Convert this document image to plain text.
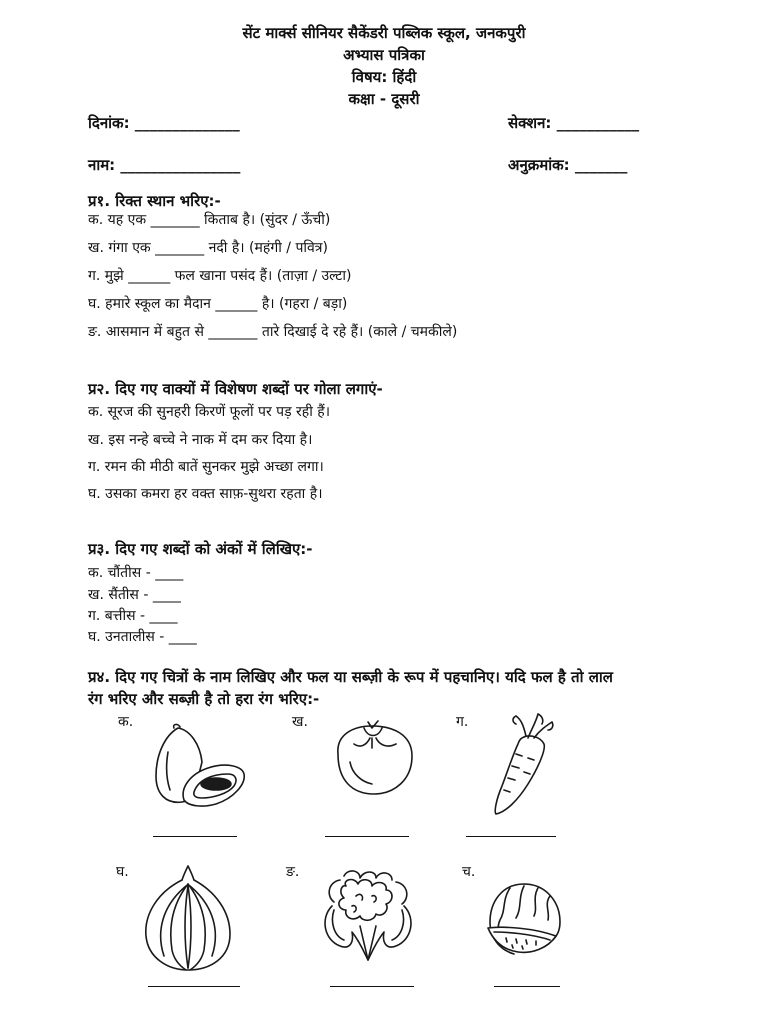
सेंट मार्क्स सीनियर सैकेंडरी पब्लिक स्कूल, जनकपुरी
अभ्यास पत्रिका
विषय: हिंदी
कक्षा - दूसरी
दिनांक: ______________	सेक्शन: ___________
नाम: ________________	अनुक्रमांक: _______
प्र१. रिक्त स्थान भरिए:-
क. यह एक _______ किताब है। (सुंदर / ऊँची)
ख. गंगा एक _______ नदी है। (महंगी / पवित्र)
ग. मुझे ______ फल खाना पसंद हैं। (ताज़ा / उल्टा)
घ. हमारे स्कूल का मैदान ______ है। (गहरा / बड़ा)
ङ. आसमान में बहुत से _______ तारे दिखाई दे रहे हैं। (काले / चमकीले)
प्र२. दिए गए वाक्यों में विशेषण शब्दों पर गोला लगाएं-
क. सूरज की सुनहरी किरणें फूलों पर पड़ रही हैं।
ख. इस नन्हे बच्चे ने नाक में दम कर दिया है।
ग. रमन की मीठी बातें सुनकर मुझे अच्छा लगा।
घ. उसका कमरा हर वक्त साफ़-सुथरा रहता है।
प्र३. दिए गए शब्दों को अंकों में लिखिए:-
क. चौंतीस - ____
ख. सैंतीस - ____
ग. बत्तीस - ____
घ. उनतालीस - ____
प्र४. दिए गए चित्रों के नाम लिखिए और फल या सब्ज़ी के रूप में पहचानिए। यदि फल है तो लाल
रंग भरिए और सब्ज़ी है तो हरा रंग भरिए:-
क.	ख.	ग.
घ.	ङ.	च.
